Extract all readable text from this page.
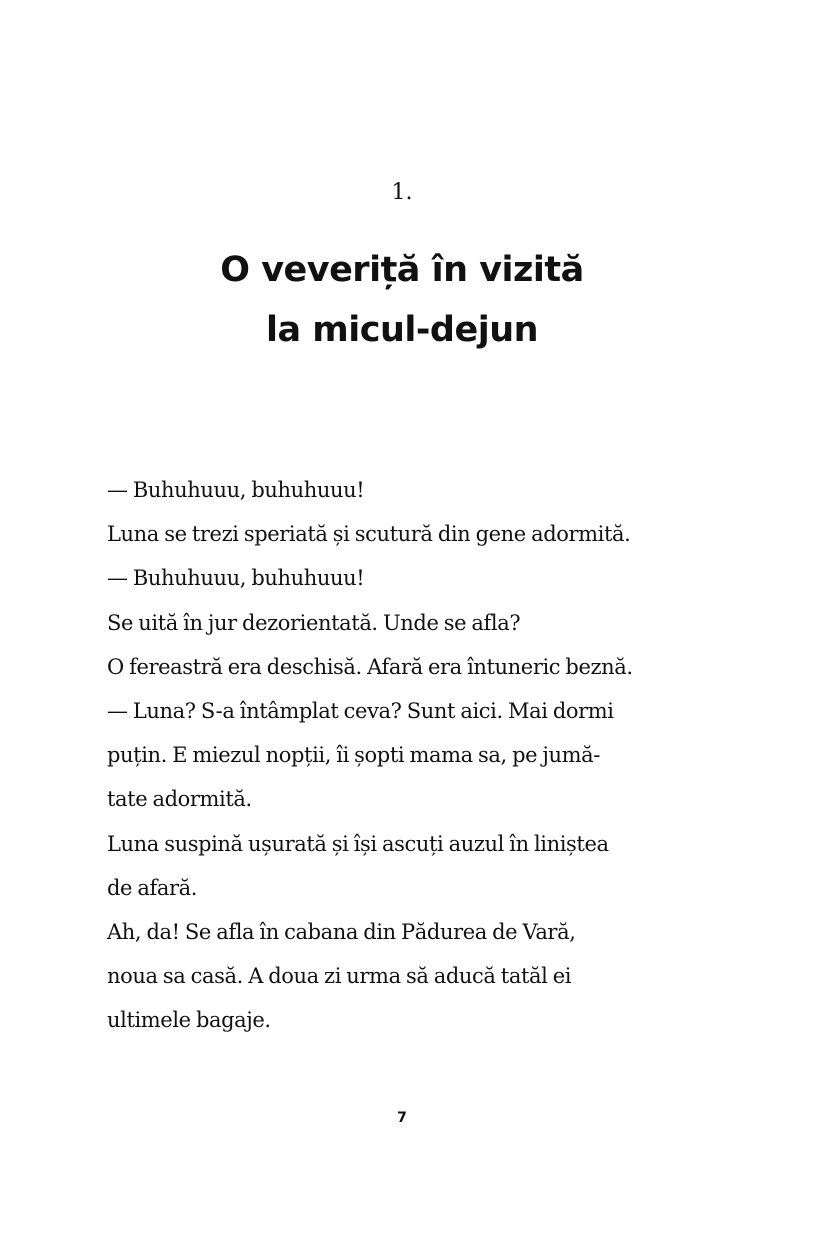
1.
O veveriță în vizită
la micul-dejun
— Buhuhuuu, buhuhuuu!
Luna se trezi speriată și scutură din gene adormită.
— Buhuhuuu, buhuhuuu!
Se uită în jur dezorientată. Unde se afla?
O fereastră era deschisă. Afară era întuneric beznă.
— Luna? S-a întâmplat ceva? Sunt aici. Mai dormi
puțin. E miezul nopții, îi șopti mama sa, pe jumă-
tate adormită.
Luna suspină ușurată și își ascuți auzul în liniștea
de afară.
Ah, da! Se afla în cabana din Pădurea de Vară,
noua sa casă. A doua zi urma să aducă tatăl ei
ultimele bagaje.
7
